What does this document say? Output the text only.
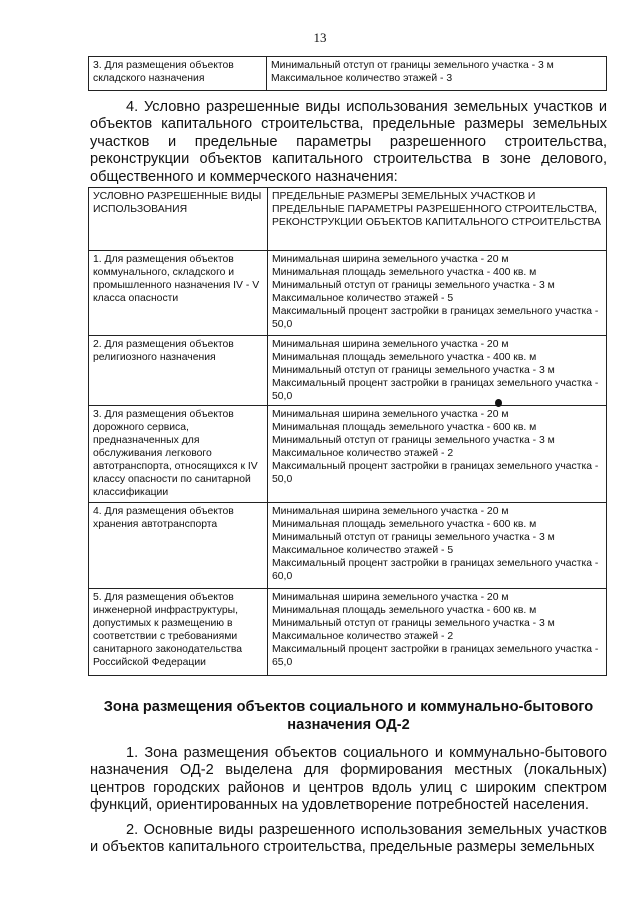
13
3. Для размещения объектов складского назначения	
Минимальный отступ от границы земельного участка - 3 м
Максимальное количество этажей - 3

4. Условно разрешенные виды использования земельных участков и объектов капитального строительства, предельные размеры земельных участков и предельные параметры разрешенного строительства, реконструкции объектов капитального строительства в зоне делового, общественного и коммерческого назначения:

УСЛОВНО РАЗРЕШЕННЫЕ ВИДЫ ИСПОЛЬЗОВАНИЯ	ПРЕДЕЛЬНЫЕ РАЗМЕРЫ ЗЕМЕЛЬНЫХ УЧАСТКОВ И ПРЕДЕЛЬНЫЕ ПАРАМЕТРЫ РАЗРЕШЕННОГО СТРОИТЕЛЬСТВА, РЕКОНСТРУКЦИИ ОБЪЕКТОВ КАПИТАЛЬНОГО СТРОИТЕЛЬСТВА
1. Для размещения объектов коммунального, складского и промышленного назначения IV - V класса опасности	Минимальная ширина земельного участка - 20 м
Минимальная площадь земельного участка - 400 кв. м
Минимальный отступ от границы земельного участка - 3 м
Максимальное количество этажей - 5
Максимальный процент застройки в границах земельного участка - 50,0

2. Для размещения объектов религиозного назначения	Минимальная ширина земельного участка - 20 м
Минимальная площадь земельного участка - 400 кв. м
Минимальный отступ от границы земельного участка - 3 м
Максимальный процент застройки в границах земельного участка - 50,0

3. Для размещения объектов дорожного сервиса, предназначенных для обслуживания легкового автотранспорта, относящихся к IV классу опасности по санитарной классификации	Минимальная ширина земельного участка - 20 м
Минимальная площадь земельного участка - 600 кв. м
Минимальный отступ от границы земельного участка - 3 м
Максимальное количество этажей - 2
Максимальный процент застройки в границах земельного участка - 50,0

4. Для размещения объектов хранения автотранспорта	Минимальная ширина земельного участка - 20 м
Минимальная площадь земельного участка - 600 кв. м
Минимальный отступ от границы земельного участка - 3 м
Максимальное количество этажей - 5
Максимальный процент застройки в границах земельного участка - 60,0

5. Для размещения объектов инженерной инфраструктуры, допустимых к размещению в соответствии с требованиями санитарного законодательства Российской Федерации	Минимальная ширина земельного участка - 20 м
Минимальная площадь земельного участка - 600 кв. м
Минимальный отступ от границы земельного участка - 3 м
Максимальное количество этажей - 2
Максимальный процент застройки в границах земельного участка - 65,0
Зона размещения объектов социального и коммунально-бытового
назначения ОД-2

1. Зона размещения объектов социального и коммунально-бытового назначения ОД-2 выделена для формирования местных (локальных) центров городских районов и центров вдоль улиц с широким спектром функций, ориентированных на удовлетворение потребностей населения.

2. Основные виды разрешенного использования земельных участков и объектов капитального строительства, предельные размеры земельных
